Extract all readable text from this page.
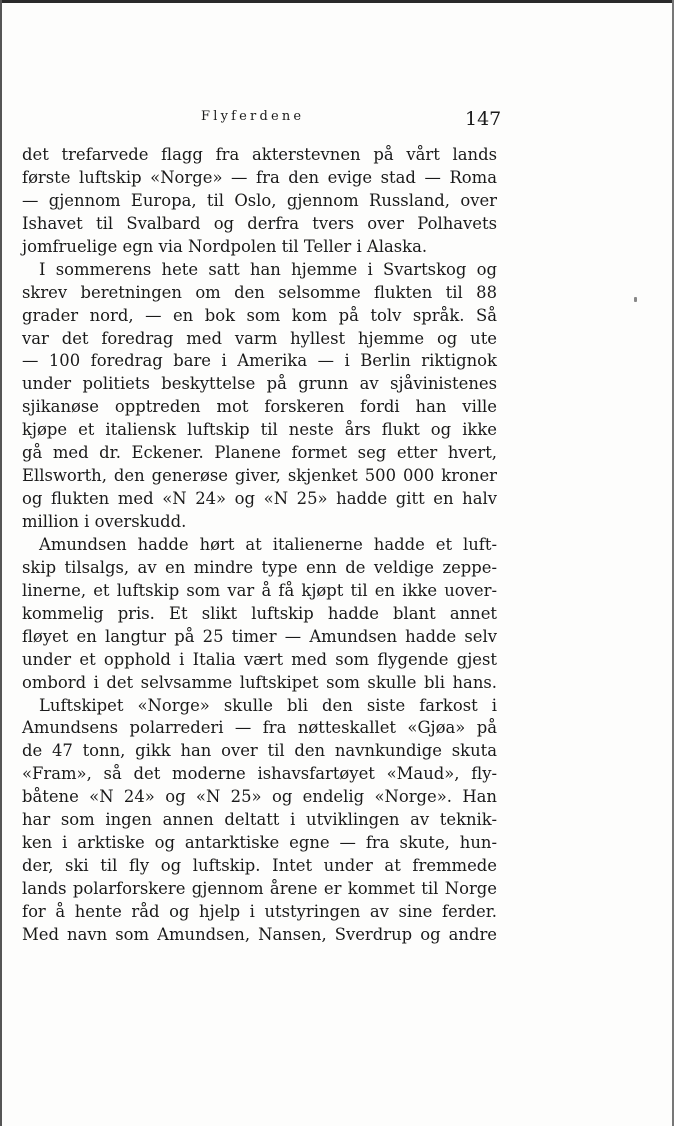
Flyferdene	147
det trefarvede flagg fra akterstevnen på vårt lands
første luftskip «Norge» — fra den evige stad — Roma
— gjennom Europa, til Oslo, gjennom Russland, over
Ishavet til Svalbard og derfra tvers over Polhavets
jomfruelige egn via Nordpolen til Teller i Alaska.
I sommerens hete satt han hjemme i Svartskog og
skrev beretningen om den selsomme flukten til 88
grader nord, — en bok som kom på tolv språk. Så
var det foredrag med varm hyllest hjemme og ute
— 100 foredrag bare i Amerika — i Berlin riktignok
under politiets beskyttelse på grunn av sjåvinistenes
sjikanøse opptreden mot forskeren fordi han ville
kjøpe et italiensk luftskip til neste års flukt og ikke
gå med dr. Eckener. Planene formet seg etter hvert,
Ellsworth, den generøse giver, skjenket 500 000 kroner
og flukten med «N 24» og «N 25» hadde gitt en halv
million i overskudd.
Amundsen hadde hørt at italienerne hadde et luft-
skip tilsalgs, av en mindre type enn de veldige zeppe-
linerne, et luftskip som var å få kjøpt til en ikke uover-
kommelig pris. Et slikt luftskip hadde blant annet
fløyet en langtur på 25 timer — Amundsen hadde selv
under et opphold i Italia vært med som flygende gjest
ombord i det selvsamme luftskipet som skulle bli hans.
Luftskipet «Norge» skulle bli den siste farkost i
Amundsens polarrederi — fra nøtteskallet «Gjøa» på
de 47 tonn, gikk han over til den navnkundige skuta
«Fram», så det moderne ishavsfartøyet «Maud», fly-
båtene «N 24» og «N 25» og endelig «Norge». Han
har som ingen annen deltatt i utviklingen av teknik-
ken i arktiske og antarktiske egne — fra skute, hun-
der, ski til fly og luftskip. Intet under at fremmede
lands polarforskere gjennom årene er kommet til Norge
for å hente råd og hjelp i utstyringen av sine ferder.
Med navn som Amundsen, Nansen, Sverdrup og andre
